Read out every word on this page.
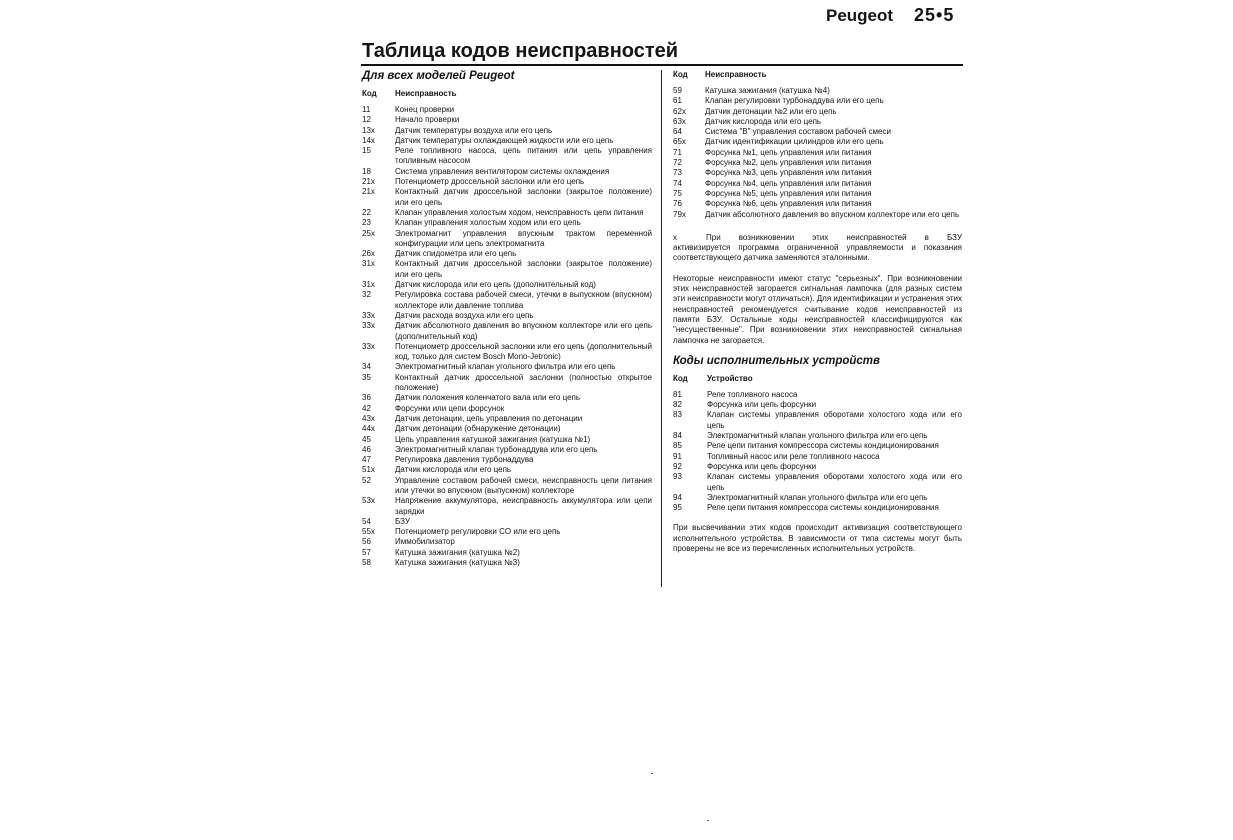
Peugeot 25•5
Таблица кодов неисправностей

Для всех моделей Peugeot

Код	Неисправность
11	Конец проверки
12	Начало проверки
13x	Датчик температуры воздуха или его цепь
14x	Датчик температуры охлаждающей жидкости или его цепь
15	Реле топливного насоса, цепь питания или цепь управления топливным насосом
18	Система управления вентилятором системы охлаждения
21x	Потенциометр дроссельной заслонки или его цепь
21x	Контактный датчик дроссельной заслонки (закрытое положение) или его цепь
22	Клапан управления холостым ходом, неисправность цепи питания
23	Клапан управления холостым ходом или его цепь
25x	Электромагнит управления впускным трактом переменной конфигурации или цепь электромагнита
26x	Датчик спидометра или его цепь
31x	Контактный датчик дроссельной заслонки (закрытое положение) или его цепь
31x	Датчик кислорода или его цепь (дополнительный код)
32	Регулировка состава рабочей смеси, утечки в выпускном (впускном) коллекторе или давление топлива
33x	Датчик расхода воздуха или его цепь
33x	Датчик абсолютного давления во впускном коллекторе или его цепь (дополнительный код)
33x	Потенциометр дроссельной заслонки или его цепь (дополнительный код, только для систем Bosch Mono-Jetronic)
34	Электромагнитный клапан угольного фильтра или его цепь
35	Контактный датчик дроссельной заслонки (полностью открытое положение)
36	Датчик положения коленчатого вала или его цепь
42	Форсунки или цепи форсунок
43x	Датчик детонации, цепь управления по детонации
44x	Датчик детонации (обнаружение детонации)
45	Цепь управления катушкой зажигания (катушка №1)
46	Электромагнитный клапан турбонаддува или его цепь
47	Регулировка давления турбонаддува
51x	Датчик кислорода или его цепь
52	Управление составом рабочей смеси, неисправность цепи питания или утечки во впускном (выпускном) коллекторе
53x	Напряжение аккумулятора, неисправность аккумулятора или цепи зарядки
54	БЗУ
55x	Потенциометр регулировки CO или его цепь
56	Иммобилизатор
57	Катушка зажигания (катушка №2)
58	Катушка зажигания (катушка №3)
Код	Неисправность
59	Катушка зажигания (катушка №4)
61	Клапан регулировки турбонаддува или его цепь
62x	Датчик детонации №2 или его цепь
63x	Датчик кислорода или его цепь
64	Система "В" управления составом рабочей смеси
65x	Датчик идентификации цилиндров или его цепь
71	Форсунка №1, цепь управления или питания
72	Форсунка №2, цепь управления или питания
73	Форсунка №3, цепь управления или питания
74	Форсунка №4, цепь управления или питания
75	Форсунка №5, цепь управления или питания
76	Форсунка №6, цепь управления или питания
79x	Датчик абсолютного давления во впускном коллекторе или его цепь
x	При возникновении этих неисправностей в БЗУ

активизируется программа ограниченной управляемости и показания соответствующего датчика заменяются эталонными.

Некоторые неисправности имеют статус "серьезных". При возникновении этих неисправностей загорается сигнальная лампочка (для разных систем эти неисправности могут отличаться). Для идентификации и устранения этих неисправностей рекомендуется считывание кодов неисправностей из памяти БЗУ. Остальные коды неисправностей классифицируются как "несущественные". При возникновении этих неисправностей сигнальная лампочка не загорается.

Коды исполнительных устройств

Код	Устройство
81	Реле топливного насоса
82	Форсунка или цепь форсунки
83	Клапан системы управления оборотами холостого хода или его цепь
84	Электромагнитный клапан угольного фильтра или его цепь
85	Реле цепи питания компрессора системы кондиционирования
91	Топливный насос или реле топливного насоса
92	Форсунка или цепь форсунки
93	Клапан системы управления оборотами холостого хода или его цепь
94	Электромагнитный клапан угольного фильтра или его цепь
95	Реле цепи питания компрессора системы кондиционирования

При высвечивании этих кодов происходит активизация соответствующего исполнительного устройства. В зависимости от типа системы могут быть проверены не все из перечисленных исполнительных устройств.
